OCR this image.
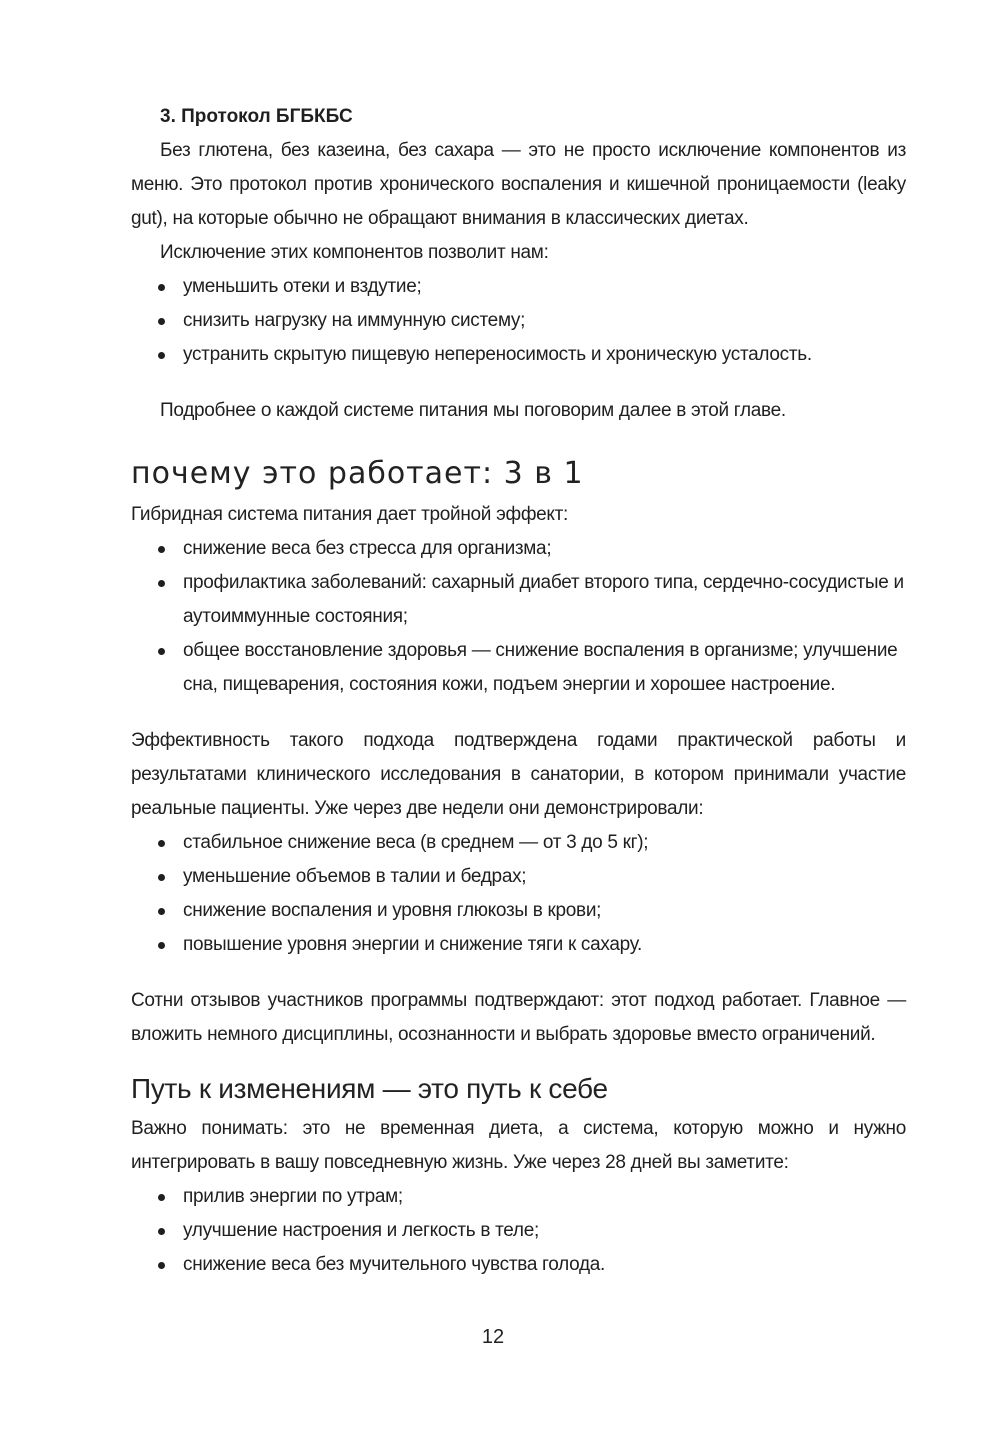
3. Протокол БГБКБС

Без глютена, без казеина, без сахара — это не просто исключение компонентов из меню. Это протокол против хронического воспаления и кишечной проницаемости (leaky gut), на которые обычно не обращают внимания в классических диетах.

Исключение этих компонентов позволит нам:

уменьшить отеки и вздутие;
снизить нагрузку на иммунную систему;
устранить скрытую пищевую непереносимость и хроническую усталость.

Подробнее о каждой системе питания мы поговорим далее в этой главе.

почему это работает: 3 в 1

Гибридная система питания дает тройной эффект:

снижение веса без стресса для организма;
профилактика заболеваний: сахарный диабет второго типа, сердечно-сосудистые и аутоиммунные состояния;
общее восстановление здоровья — снижение воспаления в организме; улучшение сна, пищеварения, состояния кожи, подъем энергии и хорошее настроение.

Эффективность такого подхода подтверждена годами практической работы и результатами клинического исследования в санатории, в котором принимали участие реальные пациенты. Уже через две недели они демонстрировали:

стабильное снижение веса (в среднем — от 3 до 5 кг);
уменьшение объемов в талии и бедрах;
снижение воспаления и уровня глюкозы в крови;
повышение уровня энергии и снижение тяги к сахару.

Сотни отзывов участников программы подтверждают: этот подход работает. Главное — вложить немного дисциплины, осознанности и выбрать здоровье вместо ограничений.

Путь к изменениям — это путь к себе

Важно понимать: это не временная диета, а система, которую можно и нужно интегрировать в вашу повседневную жизнь. Уже через 28 дней вы заметите:

прилив энергии по утрам;
улучшение настроения и легкость в теле;
снижение веса без мучительного чувства голода.
12
